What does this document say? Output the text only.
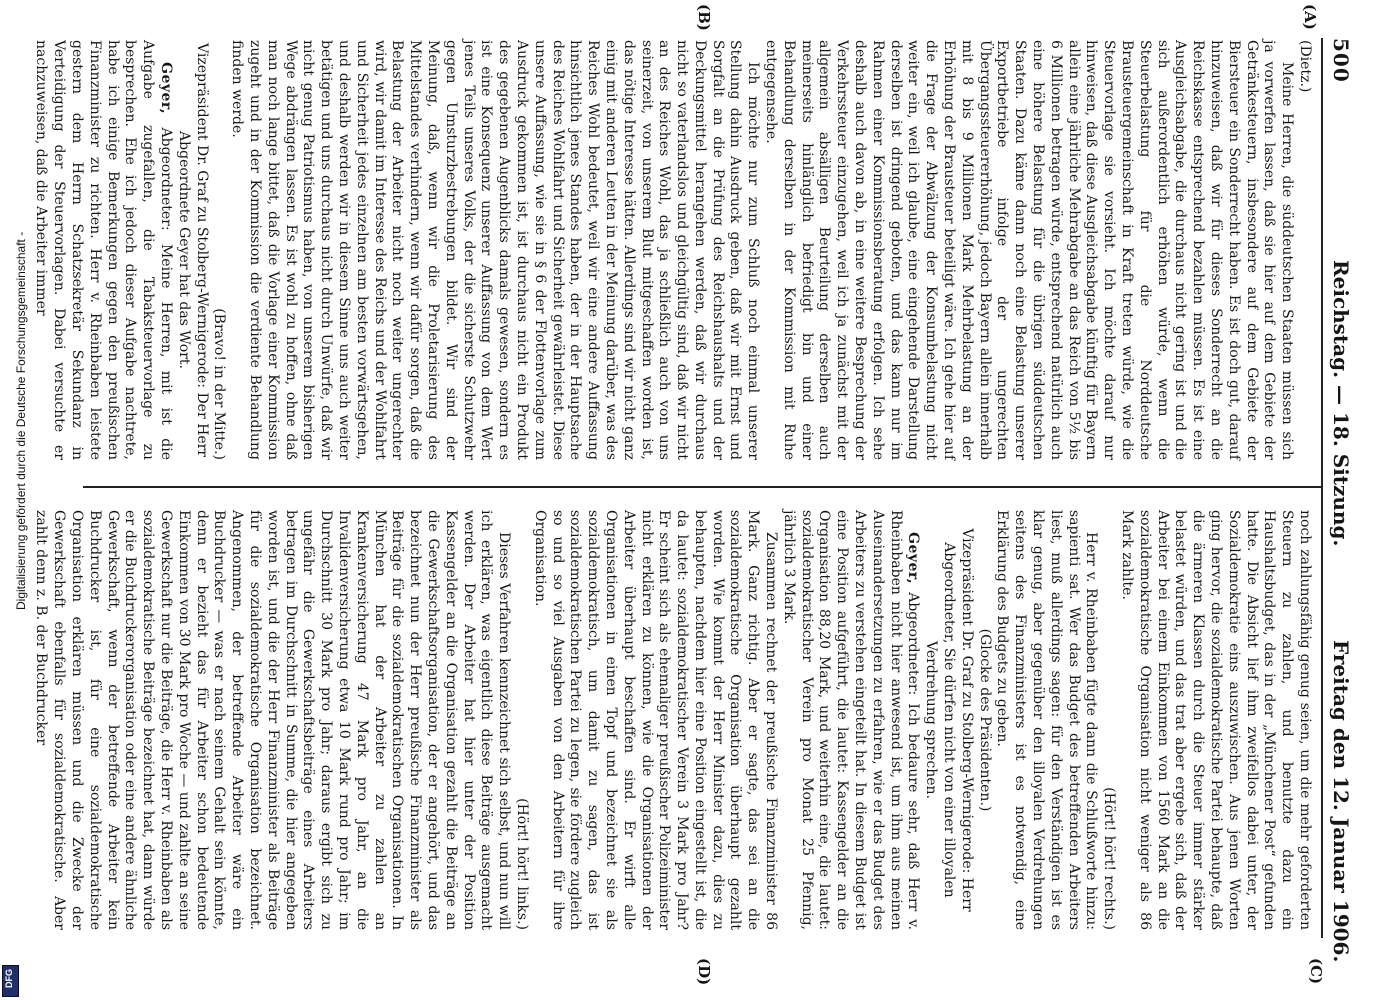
500
Reichstag. — 18. Sitzung.
Freitag den 12. Januar 1906.
(A)
(B)
(C)
(D)

(Dietz.)

Meine Herren, die süddeutschen Staaten müssen sich ja vorwerfen lassen, daß sie hier auf dem Gebiete der Getränkesteuern, insbesondere auf dem Gebiete der Biersteuer ein Sonderrecht haben. Es ist doch gut, darauf hinzuweisen, daß wir für dieses Sonderrecht an die Reichskasse entsprechend bezahlen müssen. Es ist eine Ausgleichsabgabe, die durchaus nicht gering ist und die sich außerordentlich erhöhen würde, wenn die Steuerbelastung für die Norddeutsche Brausteuergemeinschaft in Kraft treten würde, wie die Steuervorlage sie vorsieht. Ich möchte darauf nur hinweisen, daß diese Ausgleichsabgabe künftig für Bayern allein eine jährliche Mehrabgabe an das Reich von 5½ bis 6 Millionen betragen würde, entsprechend natürlich auch eine höhere Belastung für die übrigen süddeutschen Staaten. Dazu käme dann noch eine Belastung unserer Exportbetriebe infolge der ungerechten Übergangssteuererhöhung, jedoch Bayern allein innerhalb mit 8 bis 9 Millionen Mark Mehrbelastung an der Erhöhung der Brausteuer beteiligt wäre. Ich gehe hier auf die Frage der Abwälzung der Konsumbelastung nicht weiter ein, weil ich glaube, eine eingehende Darstellung derselben ist dringend geboten, und das kann nur im Rahmen einer Kommissionsberatung erfolgen. Ich sehe deshalb auch davon ab, in eine weitere Besprechung der Verkehrssteuer einzugehen, weil ich ja zunächst mit der allgemein absälligen Beurteilung derselben auch meinerseits hinlänglich befriedigt bin und einer Behandlung derselben in der Kommission mit Ruhe entgegensehe.

Ich möchte nur zum Schluß noch einmal unserer Stellung dahin Ausdruck geben, daß wir mit Ernst und Sorgfalt an die Prüfung des Reichshaushalts und der Deckungsmittel herangehen werden, daß wir durchaus nicht so vaterlandslos und gleichgültig sind, daß wir nicht an des Reiches Wohl, das ja schließlich auch von uns seinerzeit, von unserem Blut mitgeschaffen worden ist, das nötige Interesse hätten. Allerdings sind wir nicht ganz einig mit anderen Leuten in der Meinung darüber, was des Reiches Wohl bedeutet, weil wir eine andere Auffassung hinsichtlich jenes Standes haben, der in der Hauptsache des Reiches Wohlfahrt und Sicherheit gewährleistet. Diese unsere Auffassung, wie sie in § 6 der Flottenvorlage zum Ausdruck gekommen ist, ist durchaus nicht ein Produkt des gegebenen Augenblicks damals gewesen, sondern es ist eine Konsequenz unserer Auffassung von dem Wert jenes Teils unseres Volks, der die sicherste Schutzwehr gegen Umsturzbestrebungen bildet. Wir sind der Meinung, daß, wenn wir die Proletarisierung des Mittelstandes verhindern, wenn wir dafür sorgen, daß die Belastung der Arbeiter nicht noch weiter ungerechter wird, wir damit im Interesse des Reichs und der Wohlfahrt und Sicherheit jedes einzelnen am besten vorwärtsgehen, und deshalb werden wir in diesem Sinne uns auch weiter betätigen und uns durchaus nicht durch Unwürfe, daß wir nicht genug Patriotismus haben, von unserem bisherigen Wege abdrängen lassen. Es ist wohl zu hoffen, ohne daß man noch lange bittet, daß die Vorlage einer Kommission zugeht und in der Kommission die verdiente Behandlung finden werde.

(Bravo! in der Mitte.)

Vizepräsident Dr. Graf zu Stolberg-Wernigerode: Der Herr Abgeordnete Geyer hat das Wort.

Geyer, Abgeordneter: Meine Herren, mit ist die Aufgabe zugefallen, die Tabaksteuervorlage zu besprechen. Ehe ich jedoch dieser Aufgabe nachtrete, habe ich einige Bemerkungen gegen den preußischen Finanzminister zu richten. Herr v. Rheinbaben leistete gestern dem Herrn Schatzsekretär Sekundanz in Verteidigung der Steuervorlagen. Dabei versuchte er nachzuweisen, daß die Arbeiter immer

noch zahlungsfähig genug seien, um die mehr geforderten Steuern zu zahlen, und benutzte dazu ein Haushaltsbudget, das in der „Münchener Post“ gefunden hatte. Die Absicht lief ihm zweifellos dabei unter, der Sozialdemokratie eins auszuwischen. Aus jenen Worten ging hervor, die sozialdemokratische Partei behaupte, daß die ärmeren Klassen durch die Steuer immer stärker belastet würden, und das trat aber ergebe sich, daß der Arbeiter bei einem Einkommen von 1560 Mark an die sozialdemokratische Organisation nicht weniger als 86 Mark zahlte.

(Hört! hört! rechts.)

Herr v. Rheinbaben fügte dann die Schlußworte hinzu: sapienti sat. Wer das Budget des betreffenden Arbeiters liest, muß allerdings sagen: für den Verständigen ist es klar genug, aber gegenüber den illoyalen Verdrehungen seitens des Finanzministers ist es notwendig, eine Erklärung des Budgets zu geben.

(Glocke des Präsidenten.)

Vizepräsident Dr. Graf zu Stolberg-Wernigerode: Herr Abgeordneter, Sie dürfen nicht von einer illoyalen Verdrehung sprechen.

Geyer, Abgeordneter: Ich bedaure sehr, daß Herr v. Rheinbaben nicht hier anwesend ist, um ihm aus meinen Auseinandersetzungen zu erfahren, wie er das Budget des Arbeiters zu verstehen eingeteilt hat. In diesem Budget ist eine Position aufgeführt, die lautet: Kassengelder an die Organisation 88,20 Mark, und weiterhin eine, die lautet: sozialdemokratischer Verein pro Monat 25 Pfennig, jährlich 3 Mark.

Zusammen rechnet der preußische Finanzminister 86 Mark. Ganz richtig. Aber er sagte, das sei an die sozialdemokratische Organisation überhaupt gezahlt worden. Wie kommt der Herr Minister dazu, dies zu behaupten, nachdem hier eine Position eingestellt ist, die da lautet: sozialdemokratischer Verein 3 Mark pro Jahr? Er scheint sich als ehemaliger preußischer Polizeiminister nicht erklären zu können, wie die Organisationen der Arbeiter überhaupt beschaffen sind. Er wirft alle Organisationen in einen Topf und bezeichnet sie als sozialdemokratisch, um damit zu sagen, das ist sozialdemokratischen Partei zu legen, sie fördere zugleich so und so viel Ausgaben von den Arbeitern für ihre Organisation.

(Hört! hört! links.)

Dieses Verfahren kennzeichnet sich selbst, und nun will ich erklären, was eigentlich diese Beiträge ausgemacht werden. Der Arbeiter hat hier unter der Position Kassengelder an die Organisation gezahlt die Beiträge an die Gewerkschaftsorganisation, der er angehört, und das bezeichnet nun der Herr preußische Finanzminister als Beiträge für die sozialdemokratischen Organisationen. In München hat der Arbeiter zu zahlen an Krankenversicherung 47 Mark pro Jahr, an die Invalidenversicherung etwa 10 Mark rund pro Jahr; im Durchschnitt 30 Mark pro Jahr; daraus ergibt sich zu ungefähr die Gewerkschaftsbeiträge eines Arbeiters betragen im Durchschnitt in Summe, die hier angegeben worden ist, und die der Herr Finanzminister als Beiträge für die sozialdemokratische Organisation bezeichnet. Angenommen, der betreffende Arbeiter wäre ein Buchdrucker — was er nach seinem Gehalt sein könnte, denn er bezieht das für Arbeiter schon bedeutende Einkommen von 30 Mark pro Woche — und zahlte an seine Gewerkschaft nur die Beiträge, die Herr v. Rheinbaben als sozialdemokratische Beiträge bezeichnet hat, dann würde er die Buchdruckerorganisation oder eine andere ähnliche Gewerkschaft, wenn der betreffende Arbeiter kein Buchdrucker ist, für eine sozialdemokratische Organisation erklären müssen und die Zwecke der Gewerkschaft ebenfalls für sozialdemokratische. Aber zahlt denn z. B. der Buchdrucker

Digitalisierung gefördert durch die Deutsche Forschungsgemeinschaft -
DFG
